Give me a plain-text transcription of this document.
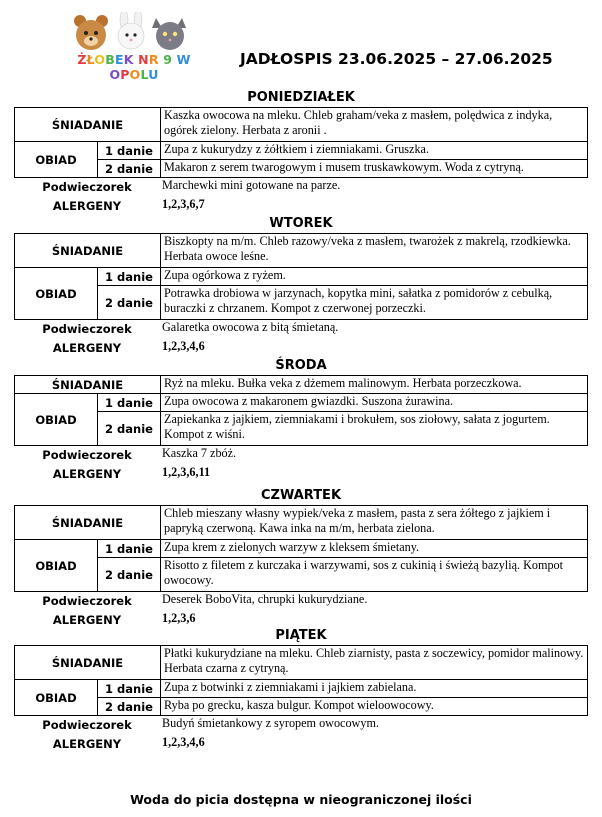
ŻŁOBEK NR 9 W OPOLU
JADŁOSPIS 23.06.2025 – 27.06.2025
PONIEDZIAŁEK
ŚNIADANIE		Kaszka owocowa na mleku. Chleb graham/veka z masłem, polędwica z indyka, ogórek zielony. Herbata z aronii .
OBIAD	1 danie	Zupa z kukurydzy z żółtkiem i ziemniakami. Gruszka.
	2 danie	Makaron z serem twarogowym i musem truskawkowym. Woda z cytryną.
Podwieczorek	Marchewki mini gotowane na parze.
ALERGENY	1,2,3,6,7
WTOREK
ŚNIADANIE		Biszkopty na m/m. Chleb razowy/veka z masłem, twarożek z makrelą, rzodkiewka. Herbata owoce leśne.
OBIAD	1 danie	Zupa ogórkowa z ryżem.
	2 danie	Potrawka drobiowa w jarzynach, kopytka mini, sałatka z pomidorów z cebulką, buraczki z chrzanem. Kompot z czerwonej porzeczki.
Podwieczorek	Galaretka owocowa z bitą śmietaną.
ALERGENY	1,2,3,4,6
ŚRODA
ŚNIADANIE		Ryż na mleku. Bułka veka z dżemem malinowym. Herbata porzeczkowa.
OBIAD	1 danie	Zupa owocowa z makaronem gwiazdki. Suszona żurawina.
	2 danie	Zapiekanka z jajkiem, ziemniakami i brokułem, sos ziołowy, sałata z jogurtem. Kompot z wiśni.
Podwieczorek	Kaszka 7 zbóż.
ALERGENY	1,2,3,6,11
CZWARTEK
ŚNIADANIE		Chleb mieszany własny wypiek/veka z masłem, pasta z sera żółtego z jajkiem i papryką czerwoną. Kawa inka na m/m, herbata zielona.
OBIAD	1 danie	Zupa krem z zielonych warzyw z kleksem śmietany.
	2 danie	Risotto z filetem z kurczaka i warzywami, sos z cukinią i świeżą bazylią. Kompot owocowy.
Podwieczorek	Deserek BoboVita, chrupki kukurydziane.
ALERGENY	1,2,3,6
PIĄTEK
ŚNIADANIE		Płatki kukurydziane na mleku. Chleb ziarnisty, pasta z soczewicy, pomidor malinowy. Herbata czarna z cytryną.
OBIAD	1 danie	Zupa z botwinki z ziemniakami i jajkiem zabielana.
	2 danie	Ryba po grecku, kasza bulgur. Kompot wieloowocowy.
Podwieczorek	Budyń śmietankowy z syropem owocowym.
ALERGENY	1,2,3,4,6
Woda do picia dostępna w nieograniczonej ilości
